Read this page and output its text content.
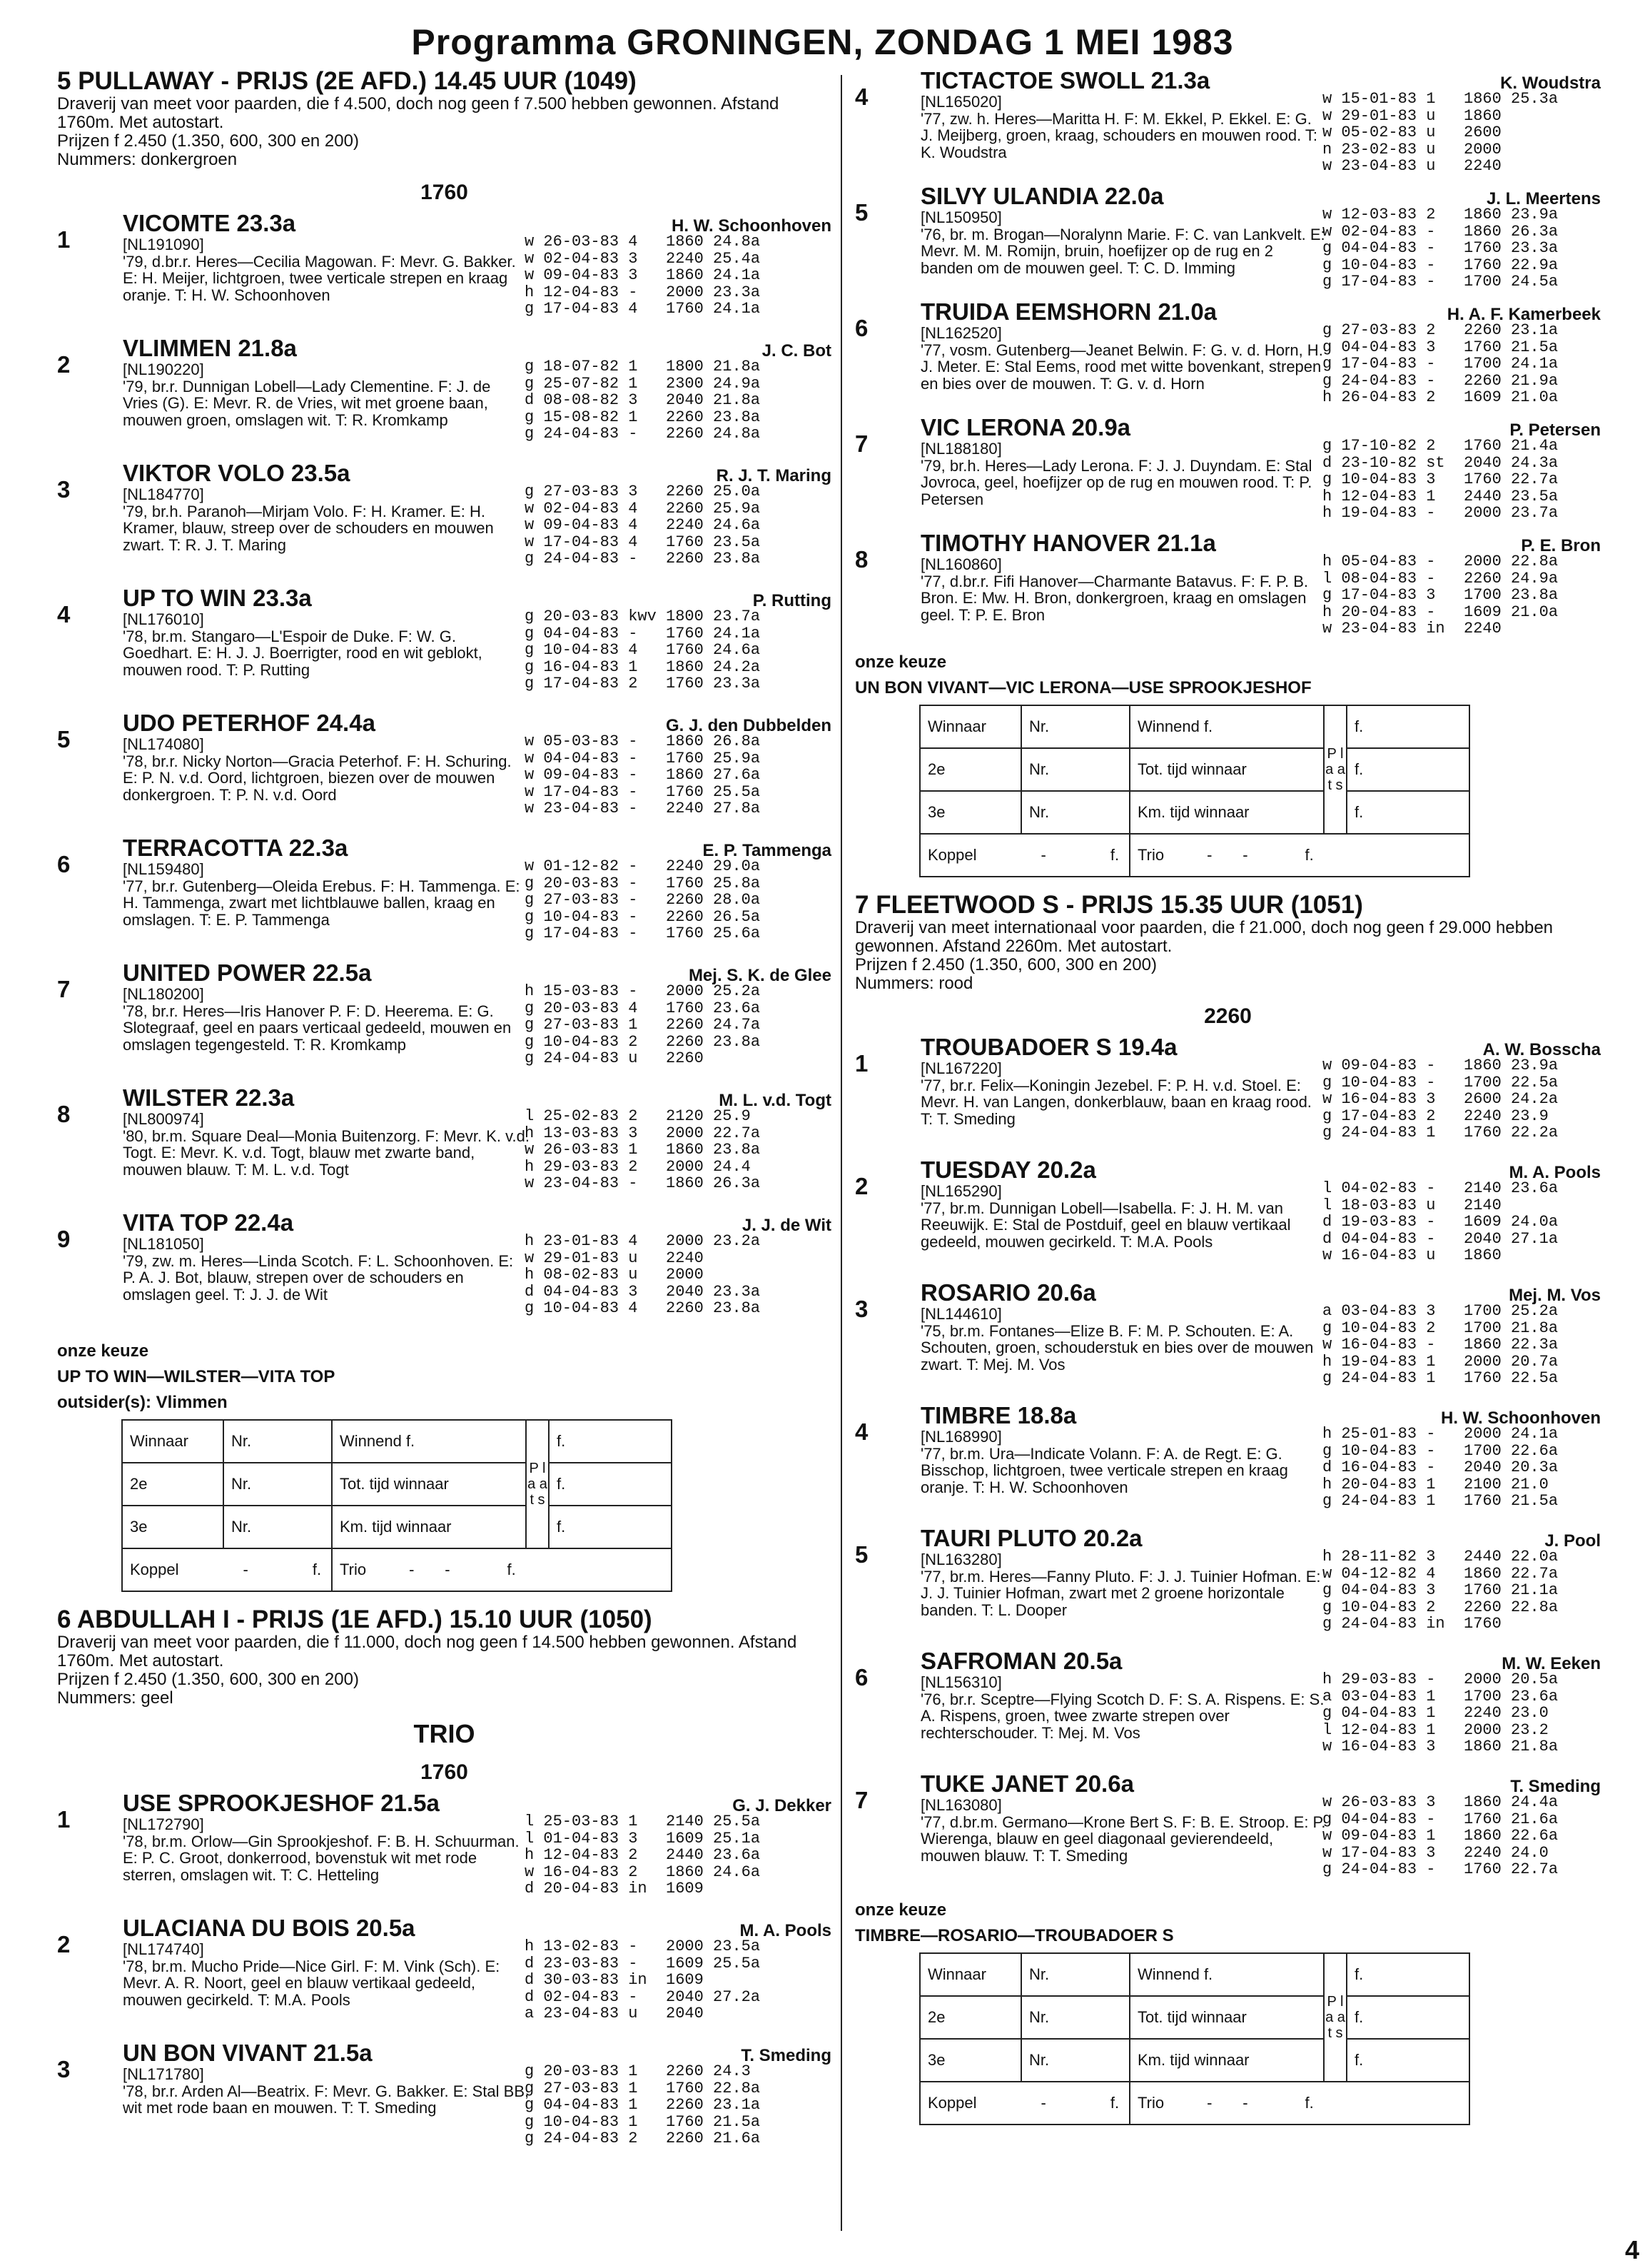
Programma GRONINGEN, ZONDAG 1 MEI 1983
5 PULLAWAY - PRIJS (2E AFD.) 14.45 UUR (1049)
Draverij van meet voor paarden, die f 4.500, doch nog geen f 7.500 hebben gewonnen. Afstand 1760m. Met autostart.
Prijzen f 2.450 (1.350, 600, 300 en 200)
Nummers: donkergroen
1760
1
VICOMTE 23.3a
[NL191090]
'79, d.br.r. Heres—Cecilia Magowan. F: Mevr. G. Bakker. E: H. Meijer, lichtgroen, twee verticale strepen en kraag oranje. T: H. W. Schoonhoven
H. W. Schoonhoven
w 26-03-83 4   1860 24.8a
w 02-04-83 3   2240 25.4a
w 09-04-83 3   1860 24.1a
h 12-04-83 -   2000 23.3a
g 17-04-83 4   1760 24.1a
2
VLIMMEN 21.8a
[NL190220]
'79, br.r. Dunnigan Lobell—Lady Clementine. F: J. de Vries (G). E: Mevr. R. de Vries, wit met groene baan, mouwen groen, omslagen wit. T: R. Kromkamp
J. C. Bot
g 18-07-82 1   1800 21.8a
g 25-07-82 1   2300 24.9a
d 08-08-82 3   2040 21.8a
g 15-08-82 1   2260 23.8a
g 24-04-83 -   2260 24.8a
3
VIKTOR VOLO 23.5a
[NL184770]
'79, br.h. Paranoh—Mirjam Volo. F: H. Kramer. E: H. Kramer, blauw, streep over de schouders en mouwen zwart. T: R. J. T. Maring
R. J. T. Maring
g 27-03-83 3   2260 25.0a
w 02-04-83 4   2260 25.9a
w 09-04-83 4   2240 24.6a
w 17-04-83 4   1760 23.5a
g 24-04-83 -   2260 23.8a
4
UP TO WIN 23.3a
[NL176010]
'78, br.m. Stangaro—L'Espoir de Duke. F: W. G. Goedhart. E: H. J. J. Boerrigter, rood en wit geblokt, mouwen rood. T: P. Rutting
P. Rutting
g 20-03-83 kwv 1800 23.7a
g 04-04-83 -   1760 24.1a
g 10-04-83 4   1760 24.6a
g 16-04-83 1   1860 24.2a
g 17-04-83 2   1760 23.3a
5
UDO PETERHOF 24.4a
[NL174080]
'78, br.r. Nicky Norton—Gracia Peterhof. F: H. Schuring. E: P. N. v.d. Oord, lichtgroen, biezen over de mouwen donkergroen. T: P. N. v.d. Oord
G. J. den Dubbelden
w 05-03-83 -   1860 26.8a
w 04-04-83 -   1760 25.9a
w 09-04-83 -   1860 27.6a
w 17-04-83 -   1760 25.5a
w 23-04-83 -   2240 27.8a
6
TERRACOTTA 22.3a
[NL159480]
'77, br.r. Gutenberg—Oleida Erebus. F: H. Tammenga. E: H. Tammenga, zwart met lichtblauwe ballen, kraag en omslagen. T: E. P. Tammenga
E. P. Tammenga
w 01-12-82 -   2240 29.0a
g 20-03-83 -   1760 25.8a
g 27-03-83 -   2260 28.0a
g 10-04-83 -   2260 26.5a
g 17-04-83 -   1760 25.6a
7
UNITED POWER 22.5a
[NL180200]
'78, br.r. Heres—Iris Hanover P. F: D. Heerema. E: G. Slotegraaf, geel en paars verticaal gedeeld, mouwen en omslagen tegengesteld. T: R. Kromkamp
Mej. S. K. de Glee
h 15-03-83 -   2000 25.2a
g 20-03-83 4   1760 23.6a
g 27-03-83 1   2260 24.7a
g 10-04-83 2   2260 23.8a
g 24-04-83 u   2260
8
WILSTER 22.3a
[NL800974]
'80, br.m. Square Deal—Monia Buitenzorg. F: Mevr. K. v.d. Togt. E: Mevr. K. v.d. Togt, blauw met zwarte band, mouwen blauw. T: M. L. v.d. Togt
M. L. v.d. Togt
l 25-02-83 2   2120 25.9
h 13-03-83 3   2000 22.7a
w 26-03-83 1   1860 23.8a
h 29-03-83 2   2000 24.4
w 23-04-83 -   1860 26.3a
9
VITA TOP 22.4a
[NL181050]
'79, zw. m. Heres—Linda Scotch. F: L. Schoonhoven. E: P. A. J. Bot, blauw, strepen over de schouders en omslagen geel. T: J. J. de Wit
J. J. de Wit
h 23-01-83 4   2000 23.2a
w 29-01-83 u   2240
h 08-02-83 u   2000
d 04-04-83 3   2040 23.3a
g 10-04-83 4   2260 23.8a
onze keuze
UP TO WIN—WILSTER—VITA TOP
outsider(s): Vlimmen
Winnaar	Nr.	Winnend f.	P l a a t s	f.
2e	Nr.	Tot. tijd winnaar		f.
3e	Nr.	Km. tijd winnaar		f.
Koppel - f.		Trio -       - f.		
6 ABDULLAH I - PRIJS (1E AFD.) 15.10 UUR (1050)
Draverij van meet voor paarden, die f 11.000, doch nog geen f 14.500 hebben gewonnen. Afstand 1760m. Met autostart.
Prijzen f 2.450 (1.350, 600, 300 en 200)
Nummers: geel
TRIO
1760
1
USE SPROOKJESHOF 21.5a
[NL172790]
'78, br.m. Orlow—Gin Sprookjeshof. F: B. H. Schuurman. E: P. C. Groot, donkerrood, bovenstuk wit met rode sterren, omslagen wit. T: C. Hetteling
G. J. Dekker
l 25-03-83 1   2140 25.5a
l 01-04-83 3   1609 25.1a
h 12-04-83 2   2440 23.6a
w 16-04-83 2   1860 24.6a
d 20-04-83 in  1609
2
ULACIANA DU BOIS 20.5a
[NL174740]
'78, br.m. Mucho Pride—Nice Girl. F: M. Vink (Sch). E: Mevr. A. R. Noort, geel en blauw vertikaal gedeeld, mouwen gecirkeld. T: M.A. Pools
M. A. Pools
h 13-02-83 -   2000 23.5a
d 23-03-83 -   1609 25.5a
d 30-03-83 in  1609
d 02-04-83 -   2040 27.2a
a 23-04-83 u   2040
3
UN BON VIVANT 21.5a
[NL171780]
'78, br.r. Arden Al—Beatrix. F: Mevr. G. Bakker. E: Stal BB, wit met rode baan en mouwen. T: T. Smeding
T. Smeding
g 20-03-83 1   2260 24.3
g 27-03-83 1   1760 22.8a
g 04-04-83 1   2260 23.1a
g 10-04-83 1   1760 21.5a
g 24-04-83 2   2260 21.6a
4
TICTACTOE SWOLL 21.3a
[NL165020]
'77, zw. h. Heres—Maritta H. F: M. Ekkel, P. Ekkel. E: G. J. Meijberg, groen, kraag, schouders en mouwen rood. T: K. Woudstra
K. Woudstra
w 15-01-83 1   1860 25.3a
w 29-01-83 u   1860
w 05-02-83 u   2600
n 23-02-83 u   2000
w 23-04-83 u   2240
5
SILVY ULANDIA 22.0a
[NL150950]
'76, br. m. Brogan—Noralynn Marie. F: C. van Lankvelt. E: Mevr. M. M. Romijn, bruin, hoefijzer op de rug en 2 banden om de mouwen geel. T: C. D. Imming
J. L. Meertens
w 12-03-83 2   1860 23.9a
w 02-04-83 -   1860 26.3a
g 04-04-83 -   1760 23.3a
g 10-04-83 -   1760 22.9a
g 17-04-83 -   1700 24.5a
6
TRUIDA EEMSHORN 21.0a
[NL162520]
'77, vosm. Gutenberg—Jeanet Belwin. F: G. v. d. Horn, H. J. Meter. E: Stal Eems, rood met witte bovenkant, strepen en bies over de mouwen. T: G. v. d. Horn
H. A. F. Kamerbeek
g 27-03-83 2   2260 23.1a
g 04-04-83 3   1760 21.5a
g 17-04-83 -   1700 24.1a
g 24-04-83 -   2260 21.9a
h 26-04-83 2   1609 21.0a
7
VIC LERONA 20.9a
[NL188180]
'79, br.h. Heres—Lady Lerona. F: J. J. Duyndam. E: Stal Jovroca, geel, hoefijzer op de rug en mouwen rood. T: P. Petersen
P. Petersen
g 17-10-82 2   1760 21.4a
d 23-10-82 st  2040 24.3a
g 10-04-83 3   1760 22.7a
h 12-04-83 1   2440 23.5a
h 19-04-83 -   2000 23.7a
8
TIMOTHY HANOVER 21.1a
[NL160860]
'77, d.br.r. Fifi Hanover—Charmante Batavus. F: F. P. B. Bron. E: Mw. H. Bron, donkergroen, kraag en omslagen geel. T: P. E. Bron
P. E. Bron
h 05-04-83 -   2000 22.8a
l 08-04-83 -   2260 24.9a
g 17-04-83 3   1700 23.8a
h 20-04-83 -   1609 21.0a
w 23-04-83 in  2240
onze keuze
UN BON VIVANT—VIC LERONA—USE SPROOKJESHOF
Winnaar	Nr.	Winnend f.	P l a a t s	f.
2e	Nr.	Tot. tijd winnaar		f.
3e	Nr.	Km. tijd winnaar		f.
Koppel - f.		Trio -       - f.		
7 FLEETWOOD S - PRIJS 15.35 UUR (1051)
Draverij van meet internationaal voor paarden, die f 21.000, doch nog geen f 29.000 hebben gewonnen. Afstand 2260m. Met autostart.
Prijzen f 2.450 (1.350, 600, 300 en 200)
Nummers: rood
2260
1
TROUBADOER S 19.4a
[NL167220]
'77, br.r. Felix—Koningin Jezebel. F: P. H. v.d. Stoel. E: Mevr. H. van Langen, donkerblauw, baan en kraag rood. T: T. Smeding
A. W. Bosscha
w 09-04-83 -   1860 23.9a
g 10-04-83 -   1700 22.5a
w 16-04-83 3   2600 24.2a
g 17-04-83 2   2240 23.9
g 24-04-83 1   1760 22.2a
2
TUESDAY 20.2a
[NL165290]
'77, br.m. Dunnigan Lobell—Isabella. F: J. H. M. van Reeuwijk. E: Stal de Postduif, geel en blauw vertikaal gedeeld, mouwen gecirkeld. T: M.A. Pools
M. A. Pools
l 04-02-83 -   2140 23.6a
l 18-03-83 u   2140
d 19-03-83 -   1609 24.0a
d 04-04-83 -   2040 27.1a
w 16-04-83 u   1860
3
ROSARIO 20.6a
[NL144610]
'75, br.m. Fontanes—Elize B. F: M. P. Schouten. E: A. Schouten, groen, schouderstuk en bies over de mouwen zwart. T: Mej. M. Vos
Mej. M. Vos
a 03-04-83 3   1700 25.2a
g 10-04-83 2   1700 21.8a
w 16-04-83 -   1860 22.3a
h 19-04-83 1   2000 20.7a
g 24-04-83 1   1760 22.5a
4
TIMBRE 18.8a
[NL168990]
'77, br.m. Ura—Indicate Volann. F: A. de Regt. E: G. Bisschop, lichtgroen, twee verticale strepen en kraag oranje. T: H. W. Schoonhoven
H. W. Schoonhoven
h 25-01-83 -   2000 24.1a
g 10-04-83 -   1700 22.6a
d 16-04-83 -   2040 20.3a
h 20-04-83 1   2100 21.0
g 24-04-83 1   1760 21.5a
5
TAURI PLUTO 20.2a
[NL163280]
'77, br.m. Heres—Fanny Pluto. F: J. J. Tuinier Hofman. E: J. J. Tuinier Hofman, zwart met 2 groene horizontale banden. T: L. Dooper
J. Pool
h 28-11-82 3   2440 22.0a
w 04-12-82 4   1860 22.7a
g 04-04-83 3   1760 21.1a
g 10-04-83 2   2260 22.8a
g 24-04-83 in  1760
6
SAFROMAN 20.5a
[NL156310]
'76, br.r. Sceptre—Flying Scotch D. F: S. A. Rispens. E: S. A. Rispens, groen, twee zwarte strepen over rechterschouder. T: Mej. M. Vos
M. W. Eeken
h 29-03-83 -   2000 20.5a
a 03-04-83 1   1700 23.6a
g 04-04-83 1   2240 23.0
l 12-04-83 1   2000 23.2
w 16-04-83 3   1860 21.8a
7
TUKE JANET 20.6a
[NL163080]
'77, d.br.m. Germano—Krone Bert S. F: B. E. Stroop. E: P. Wierenga, blauw en geel diagonaal gevierendeeld, mouwen blauw. T: T. Smeding
T. Smeding
w 26-03-83 3   1860 24.4a
g 04-04-83 -   1760 21.6a
w 09-04-83 1   1860 22.6a
w 17-04-83 3   2240 24.0
g 24-04-83 -   1760 22.7a
onze keuze
TIMBRE—ROSARIO—TROUBADOER S
Winnaar	Nr.	Winnend f.	P l a a t s	f.
2e	Nr.	Tot. tijd winnaar		f.
3e	Nr.	Km. tijd winnaar		f.
Koppel - f.		Trio -       - f.		
4
